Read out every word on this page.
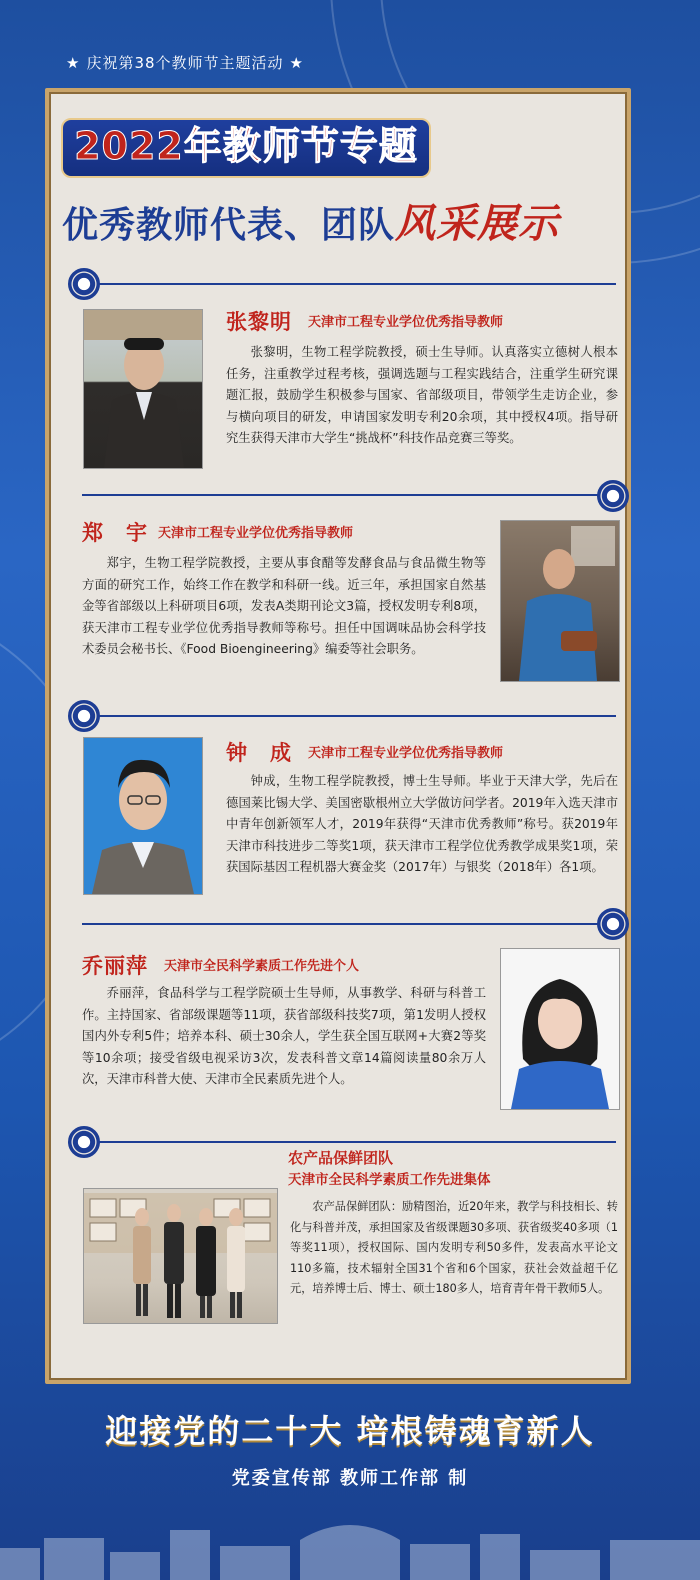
★ 庆祝第38个教师节主题活动 ★
2022年教师节专题
优秀教师代表、团队风采展示
张黎明 天津市工程专业学位优秀指导教师
张黎明，生物工程学院教授，硕士生导师。认真落实立德树人根本任务，注重教学过程考核，强调选题与工程实践结合，注重学生研究课题汇报，鼓励学生积极参与国家、省部级项目，带领学生走访企业，参与横向项目的研发，申请国家发明专利20余项，其中授权4项。指导研究生获得天津市大学生“挑战杯”科技作品竞赛三等奖。
郑　宇 天津市工程专业学位优秀指导教师
郑宇，生物工程学院教授，主要从事食醋等发酵食品与食品微生物等方面的研究工作，始终工作在教学和科研一线。近三年，承担国家自然基金等省部级以上科研项目6项，发表A类期刊论文3篇，授权发明专利8项，获天津市工程专业学位优秀指导教师等称号。担任中国调味品协会科学技术委员会秘书长、《Food Bioengineering》编委等社会职务。
钟　成 天津市工程专业学位优秀指导教师
钟成，生物工程学院教授，博士生导师。毕业于天津大学，先后在德国莱比锡大学、美国密歇根州立大学做访问学者。2019年入选天津市中青年创新领军人才，2019年获得“天津市优秀教师”称号。获2019年天津市科技进步二等奖1项，获天津市工程学位优秀教学成果奖1项，荣获国际基因工程机器大赛金奖（2017年）与银奖（2018年）各1项。
乔丽萍 天津市全民科学素质工作先进个人
乔丽萍，食品科学与工程学院硕士生导师，从事教学、科研与科普工作。主持国家、省部级课题等11项，获省部级科技奖7项，第1发明人授权国内外专利5件；培养本科、硕士30余人，学生获全国互联网+大赛2等奖等10余项；接受省级电视采访3次，发表科普文章14篇阅读量80余万人次，天津市科普大使、天津市全民素质先进个人。
农产品保鲜团队
天津市全民科学素质工作先进集体
农产品保鲜团队：励精图治，近20年来，教学与科技相长、转化与科普并茂，承担国家及省级课题30多项、获省级奖40多项（1等奖11项），授权国际、国内发明专利50多件，发表高水平论文110多篇，技术辐射全国31个省和6个国家，获社会效益超千亿元，培养博士后、博士、硕士180多人，培育青年骨干教师5人。
迎接党的二十大 培根铸魂育新人
党委宣传部 教师工作部 制
